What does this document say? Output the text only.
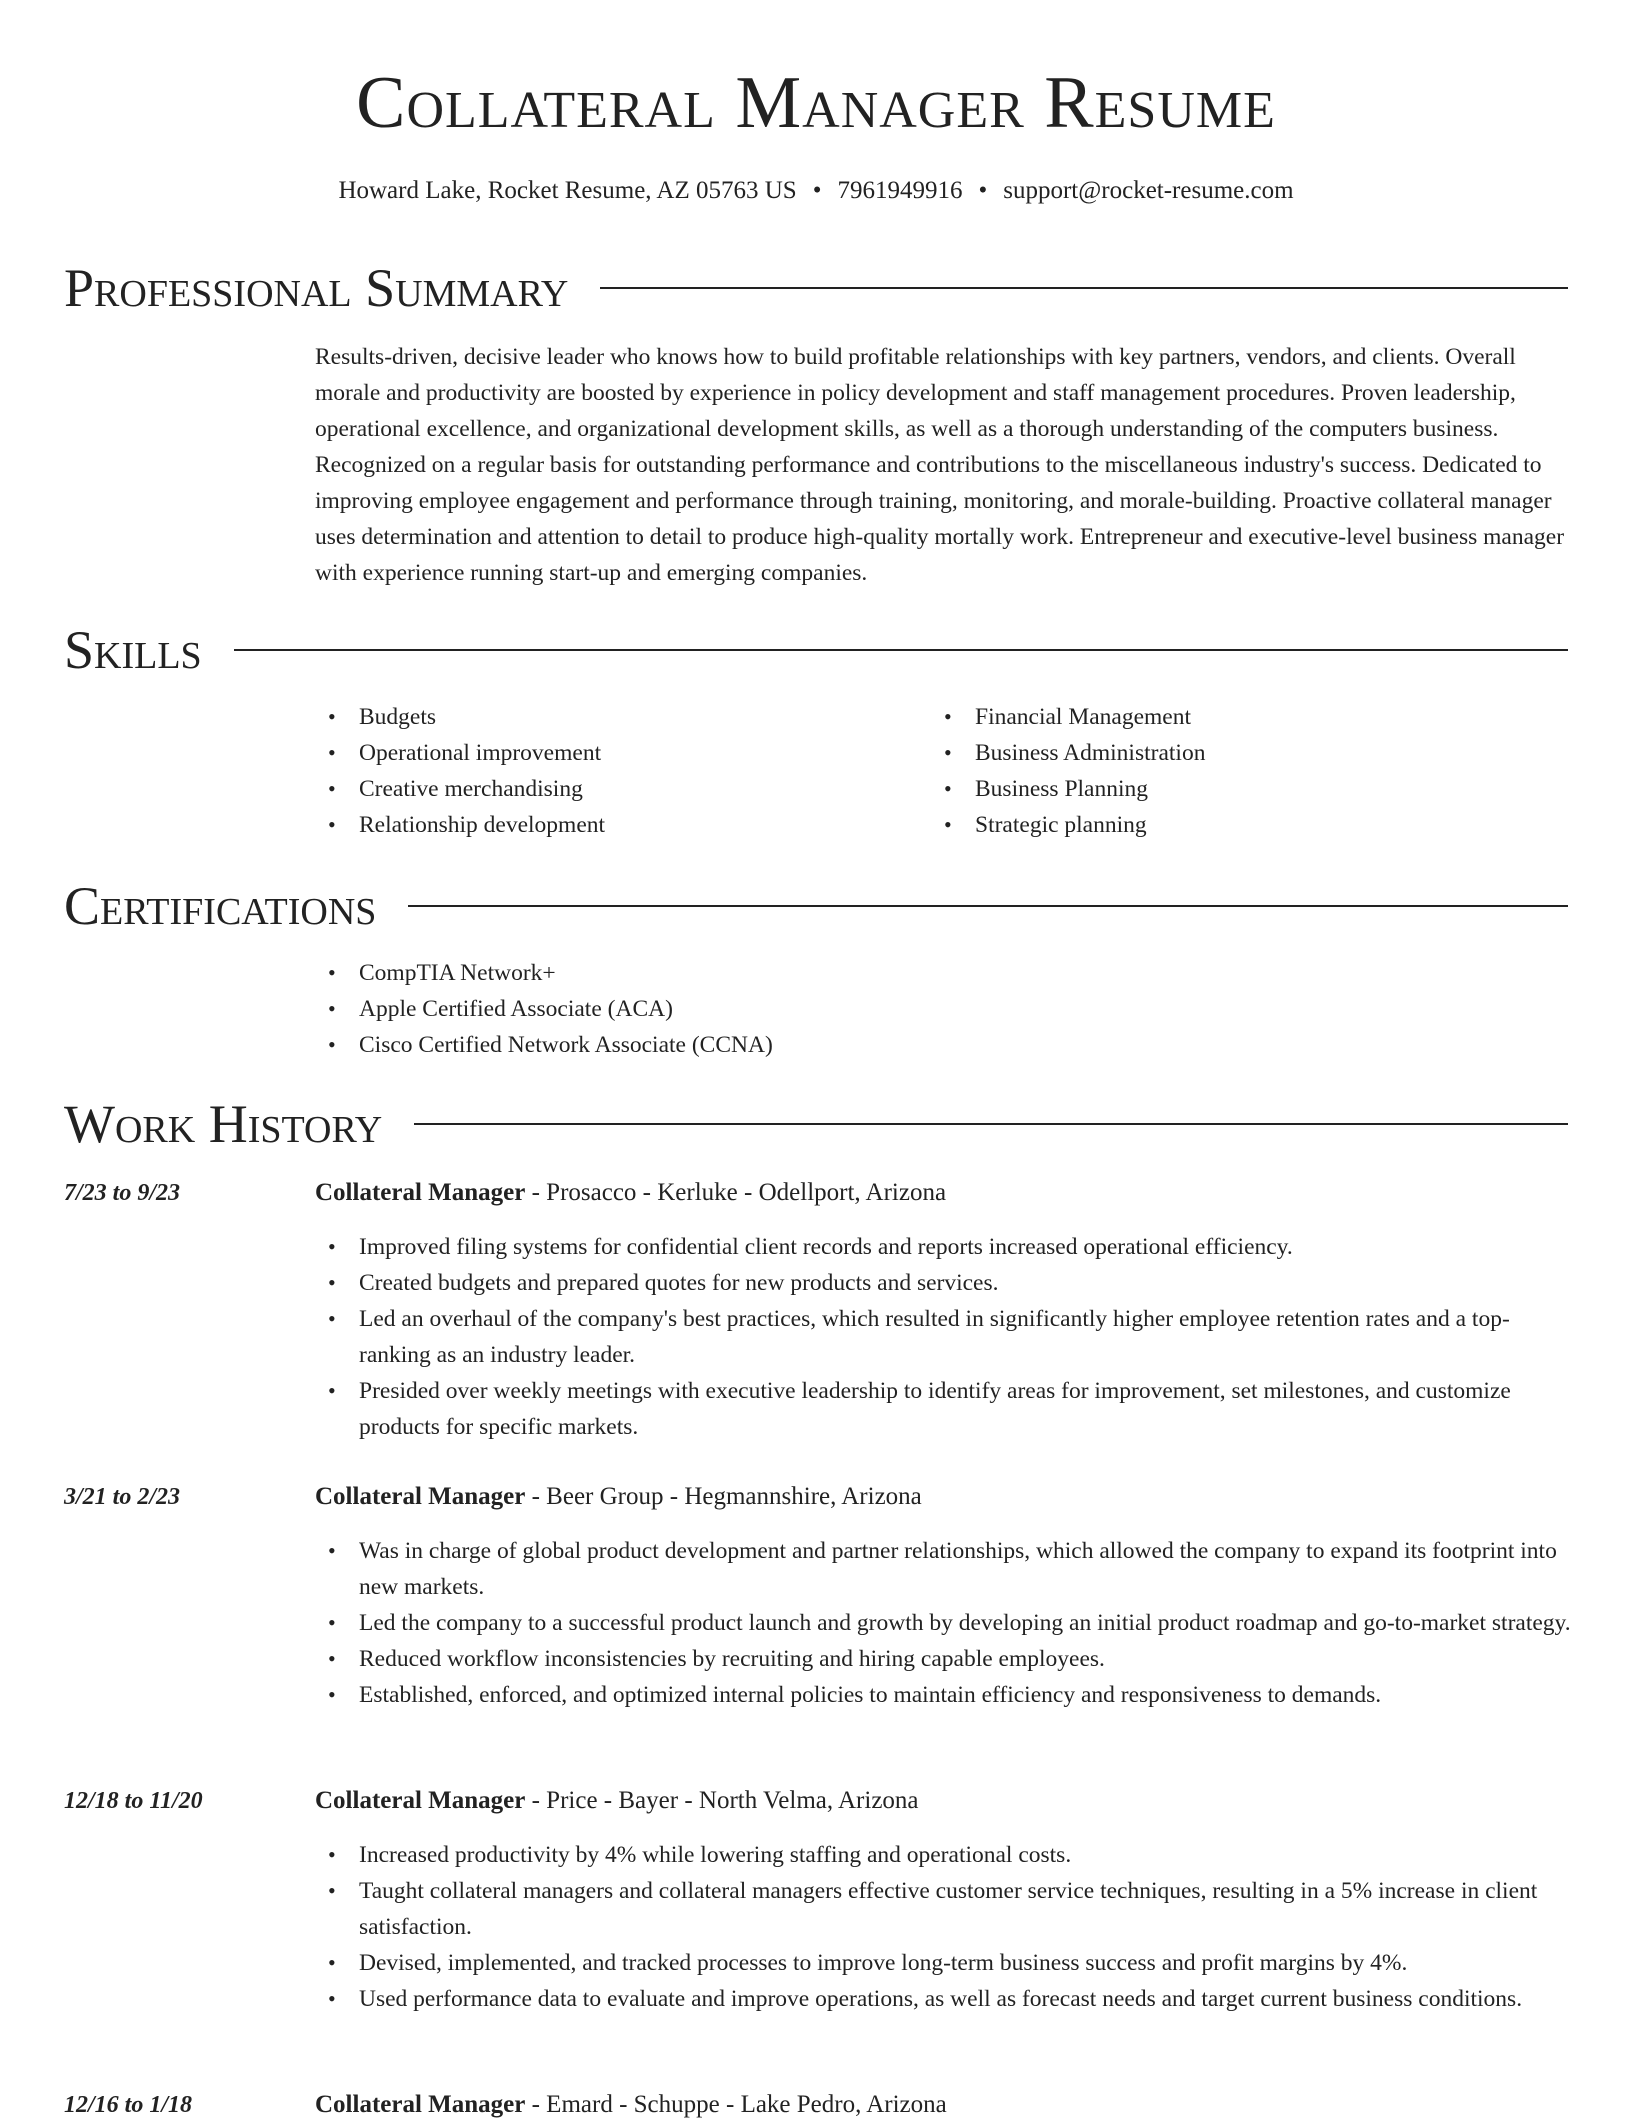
Collateral Manager Resume
Howard Lake, Rocket Resume, AZ 05763 US • 7961949916 • support@rocket-resume.com
Professional Summary

Results-driven, decisive leader who knows how to build profitable relationships with key partners, vendors, and clients. Overall morale and productivity are boosted by experience in policy development and staff management procedures. Proven leadership, operational excellence, and organizational development skills, as well as a thorough understanding of the computers business. Recognized on a regular basis for outstanding performance and contributions to the miscellaneous industry's success. Dedicated to improving employee engagement and performance through training, monitoring, and morale-building. Proactive collateral manager uses determination and attention to detail to produce high-quality mortally work. Entrepreneur and executive-level business manager with experience running start-up and emerging companies.

Skills
• Budgets
• Operational improvement
• Creative merchandising
• Relationship development
• Financial Management
• Business Administration
• Business Planning
• Strategic planning
Certifications
• CompTIA Network+
• Apple Certified Associate (ACA)
• Cisco Certified Network Associate (CCNA)
Work History
7/23 to 9/23	Collateral Manager - Prosacco - Kerluke - Odellport, Arizona
• Improved filing systems for confidential client records and reports increased operational efficiency.
• Created budgets and prepared quotes for new products and services.
• Led an overhaul of the company's best practices, which resulted in significantly higher employee retention rates and a top-ranking as an industry leader.
• Presided over weekly meetings with executive leadership to identify areas for improvement, set milestones, and customize products for specific markets.
3/21 to 2/23	Collateral Manager - Beer Group - Hegmannshire, Arizona
• Was in charge of global product development and partner relationships, which allowed the company to expand its footprint into new markets.
• Led the company to a successful product launch and growth by developing an initial product roadmap and go-to-market strategy.
• Reduced workflow inconsistencies by recruiting and hiring capable employees.
• Established, enforced, and optimized internal policies to maintain efficiency and responsiveness to demands.
12/18 to 11/20	Collateral Manager - Price - Bayer - North Velma, Arizona
• Increased productivity by 4% while lowering staffing and operational costs.
• Taught collateral managers and collateral managers effective customer service techniques, resulting in a 5% increase in client satisfaction.
• Devised, implemented, and tracked processes to improve long-term business success and profit margins by 4%.
• Used performance data to evaluate and improve operations, as well as forecast needs and target current business conditions.
12/16 to 1/18	Collateral Manager - Emard - Schuppe - Lake Pedro, Arizona
